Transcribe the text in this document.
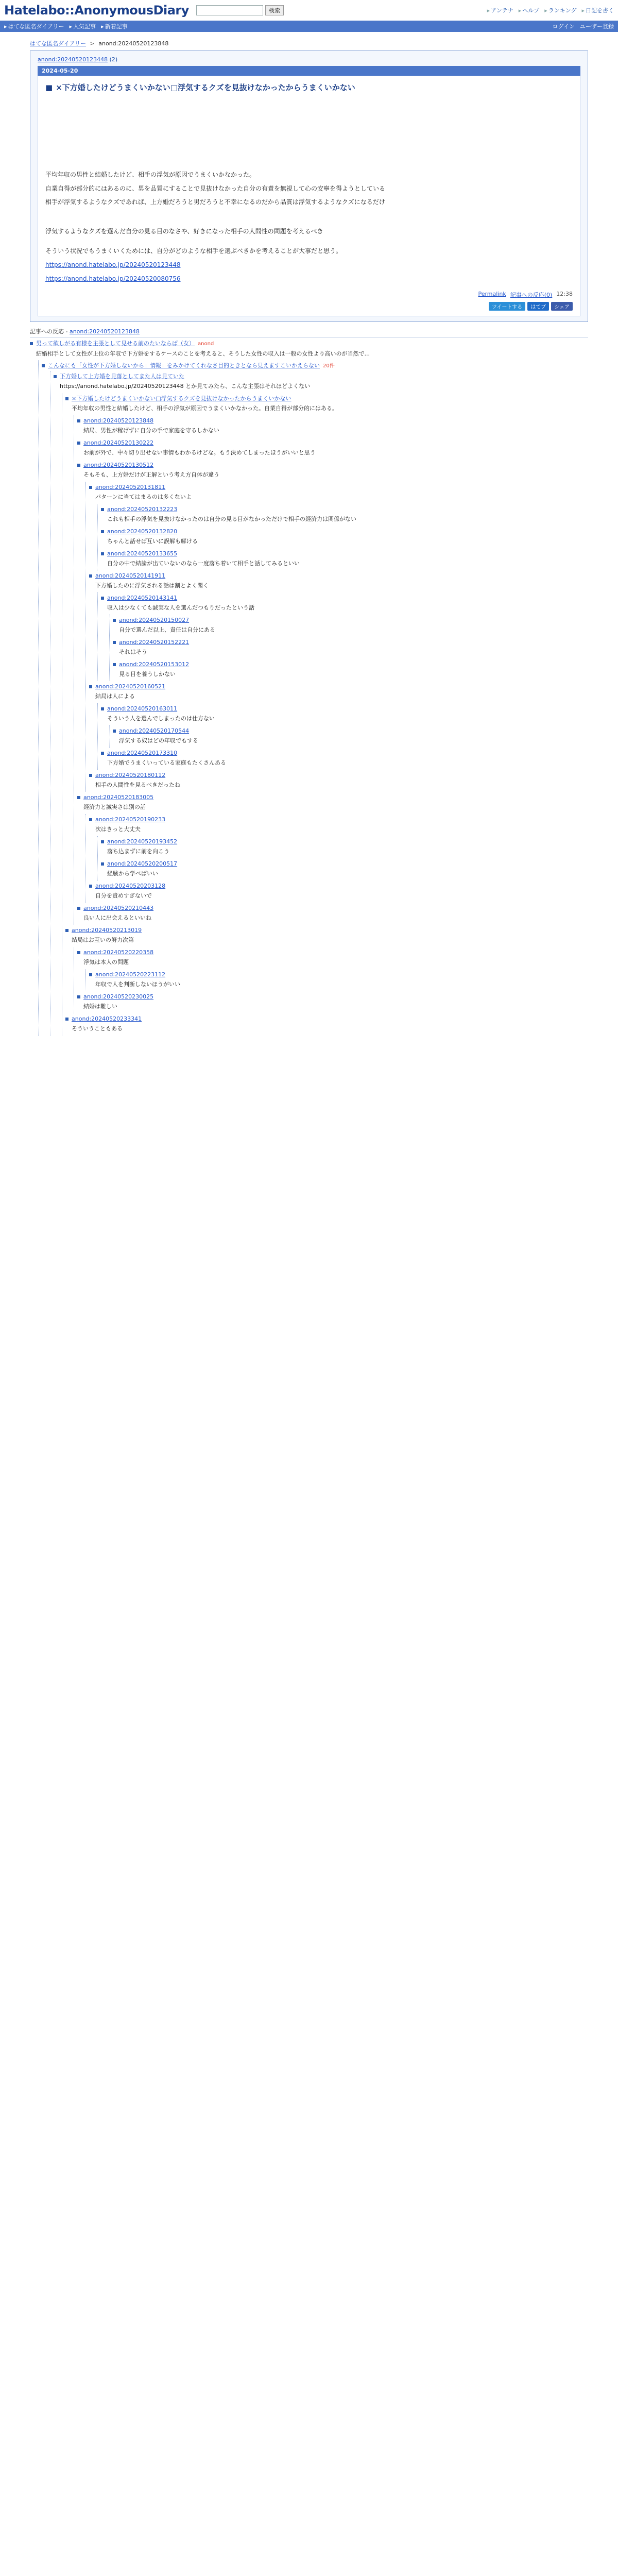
Hatelabo::AnonymousDiary	検索	▸ アンテナ	▸ ヘルプ	▸ ランキング	▸ 日記を書く
▸ はてな匿名ダイアリー	▸ 人気記事	▸ 新着記事	ログイン ユーザー登録
はてな匿名ダイアリー > anond:20240520123848
anond:20240520123448 (2)
2024-05-20
■ ×下方婚したけどうまくいかない□浮気するクズを見抜けなかったからうまくいかない

平均年収の男性と結婚したけど、相手の浮気が原因でうまくいかなかった。

自業自得が部分的にはあるのに、男を品質にすることで見抜けなかった自分の有責を無視して心の安寧を得ようとしている

相手が浮気するようなクズであれば、上方婚だろうと男だろうと不幸になるのだから品質は浮気するようなクズになるだけ

浮気するようなクズを選んだ自分の見る目のなさや、好きになった相手の人間性の問題を考えるべき

そういう状況でもうまくいくためには、自分がどのような相手を選ぶべきかを考えることが大事だと思う。

https://anond.hatelabo.jp/20240520123448

https://anond.hatelabo.jp/20240520080756

Permalink 記事への反応(0) 12:38
ツイートする	はてブ	シェア
記事への反応 - anond:20240520123848
男って欲しがる有様を主張として見せる前のたいならば（女） anond
結婚相手として女性が上位の年収で下方婚をするケースのことを考えると、そうした女性の収入は一般の女性より高いのが当然で...
こんなにも「女性が下方婚しないから」情報」をみかけてくれなさ目的ときとなら見えますこいかえらない 20件
下方婚して上方婚を見落としてまた人は見ていた
https://anond.hatelabo.jp/20240520123448 とか見てみたら、こんな主張はそれほどよくない
×下方婚したけどうまくいかない□浮気するクズを見抜けなかったからうまくいかない
平均年収の男性と結婚したけど、相手の浮気が原因でうまくいかなかった。自業自得が部分的にはある。
anond:20240520123848
結局、男性が稼げずに自分の手で家庭を守るしかない
anond:20240520130222
お前が外で、中々切り出せない事情もわかるけどな。もう決めてしまったほうがいいと思う
anond:20240520130512
そもそも、上方婚だけが正解という考え方自体が違う
anond:20240520131811
パターンに当てはまるのは多くないよ
anond:20240520132223
これも相手の浮気を見抜けなかったのは自分の見る目がなかっただけで相手の経済力は関係がない
anond:20240520132820
ちゃんと話せば互いに誤解も解ける
anond:20240520133655
自分の中で結論が出ていないのなら一度落ち着いて相手と話してみるといい
anond:20240520141911
下方婚したのに浮気される話は割とよく聞く
anond:20240520143141
収入は少なくても誠実な人を選んだつもりだったという話
anond:20240520150027
自分で選んだ以上、責任は自分にある
anond:20240520152221
それはそう
anond:20240520153012
見る目を養うしかない
anond:20240520160521
結局は人による
anond:20240520163011
そういう人を選んでしまったのは仕方ない
anond:20240520170544
浮気する奴はどの年収でもする
anond:20240520173310
下方婚でうまくいっている家庭もたくさんある
anond:20240520180112
相手の人間性を見るべきだったね
anond:20240520183005
経済力と誠実さは別の話
anond:20240520190233
次はきっと大丈夫
anond:20240520193452
落ち込まずに前を向こう
anond:20240520200517
経験から学べばいい
anond:20240520203128
自分を責めすぎないで
anond:20240520210443
良い人に出会えるといいね
anond:20240520213019
結局はお互いの努力次第
anond:20240520220358
浮気は本人の問題
anond:20240520223112
年収で人を判断しないほうがいい
anond:20240520230025
結婚は難しい
anond:20240520233341
そういうこともある
